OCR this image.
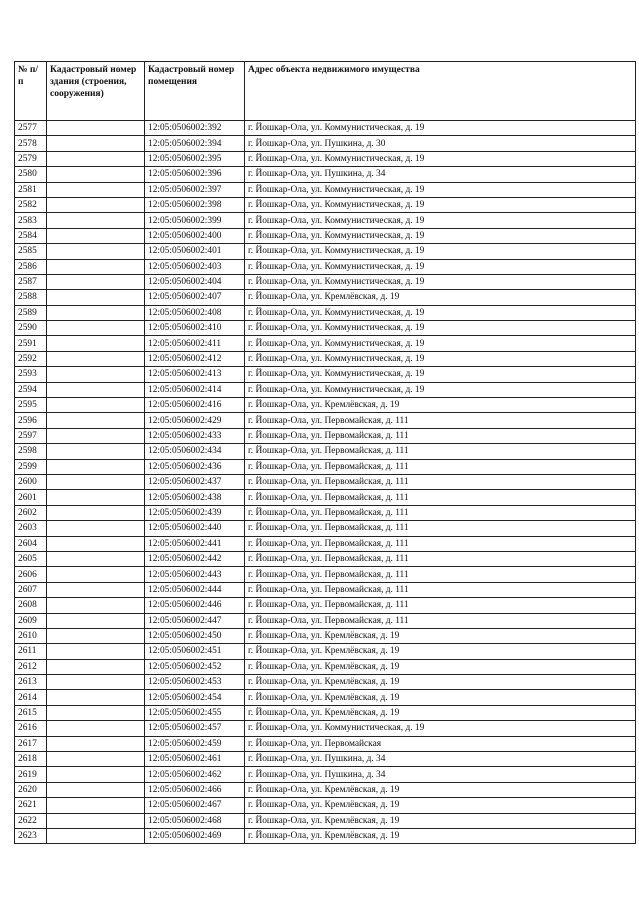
№ п/п	Кадастровый номер здания (строения, сооружения)	Кадастровый номер помещения	Адрес объекта недвижимого имущества
2577		12:05:0506002:392	г. Йошкар-Ола, ул. Коммунистическая, д. 19
2578		12:05:0506002:394	г. Йошкар-Ола, ул. Пушкина, д. 30
2579		12:05:0506002:395	г. Йошкар-Ола, ул. Коммунистическая, д. 19
2580		12:05:0506002:396	г. Йошкар-Ола, ул. Пушкина, д. 34
2581		12:05:0506002:397	г. Йошкар-Ола, ул. Коммунистическая, д. 19
2582		12:05:0506002:398	г. Йошкар-Ола, ул. Коммунистическая, д. 19
2583		12:05:0506002:399	г. Йошкар-Ола, ул. Коммунистическая, д. 19
2584		12:05:0506002:400	г. Йошкар-Ола, ул. Коммунистическая, д. 19
2585		12:05:0506002:401	г. Йошкар-Ола, ул. Коммунистическая, д. 19
2586		12:05:0506002:403	г. Йошкар-Ола, ул. Коммунистическая, д. 19
2587		12:05:0506002:404	г. Йошкар-Ола, ул. Коммунистическая, д. 19
2588		12:05:0506002:407	г. Йошкар-Ола, ул. Кремлёвская, д. 19
2589		12:05:0506002:408	г. Йошкар-Ола, ул. Коммунистическая, д. 19
2590		12:05:0506002:410	г. Йошкар-Ола, ул. Коммунистическая, д. 19
2591		12:05:0506002:411	г. Йошкар-Ола, ул. Коммунистическая, д. 19
2592		12:05:0506002:412	г. Йошкар-Ола, ул. Коммунистическая, д. 19
2593		12:05:0506002:413	г. Йошкар-Ола, ул. Коммунистическая, д. 19
2594		12:05:0506002:414	г. Йошкар-Ола, ул. Коммунистическая, д. 19
2595		12:05:0506002:416	г. Йошкар-Ола, ул. Кремлёвская, д. 19
2596		12:05:0506002:429	г. Йошкар-Ола, ул. Первомайская, д. 111
2597		12:05:0506002:433	г. Йошкар-Ола, ул. Первомайская, д. 111
2598		12:05:0506002:434	г. Йошкар-Ола, ул. Первомайская, д. 111
2599		12:05:0506002:436	г. Йошкар-Ола, ул. Первомайская, д. 111
2600		12:05:0506002:437	г. Йошкар-Ола, ул. Первомайская, д. 111
2601		12:05:0506002:438	г. Йошкар-Ола, ул. Первомайская, д. 111
2602		12:05:0506002:439	г. Йошкар-Ола, ул. Первомайская, д. 111
2603		12:05:0506002:440	г. Йошкар-Ола, ул. Первомайская, д. 111
2604		12:05:0506002:441	г. Йошкар-Ола, ул. Первомайская, д. 111
2605		12:05:0506002:442	г. Йошкар-Ола, ул. Первомайская, д. 111
2606		12:05:0506002:443	г. Йошкар-Ола, ул. Первомайская, д. 111
2607		12:05:0506002:444	г. Йошкар-Ола, ул. Первомайская, д. 111
2608		12:05:0506002:446	г. Йошкар-Ола, ул. Первомайская, д. 111
2609		12:05:0506002:447	г. Йошкар-Ола, ул. Первомайская, д. 111
2610		12:05:0506002:450	г. Йошкар-Ола, ул. Кремлёвская, д. 19
2611		12:05:0506002:451	г. Йошкар-Ола, ул. Кремлёвская, д. 19
2612		12:05:0506002:452	г. Йошкар-Ола, ул. Кремлёвская, д. 19
2613		12:05:0506002:453	г. Йошкар-Ола, ул. Кремлёвская, д. 19
2614		12:05:0506002:454	г. Йошкар-Ола, ул. Кремлёвская, д. 19
2615		12:05:0506002:455	г. Йошкар-Ола, ул. Кремлёвская, д. 19
2616		12:05:0506002:457	г. Йошкар-Ола, ул. Коммунистическая, д. 19
2617		12:05:0506002:459	г. Йошкар-Ола, ул. Первомайская
2618		12:05:0506002:461	г. Йошкар-Ола, ул. Пушкина, д. 34
2619		12:05:0506002:462	г. Йошкар-Ола, ул. Пушкина, д. 34
2620		12:05:0506002:466	г. Йошкар-Ола, ул. Кремлёвская, д. 19
2621		12:05:0506002:467	г. Йошкар-Ола, ул. Кремлёвская, д. 19
2622		12:05:0506002:468	г. Йошкар-Ола, ул. Кремлёвская, д. 19
2623		12:05:0506002:469	г. Йошкар-Ола, ул. Кремлёвская, д. 19
